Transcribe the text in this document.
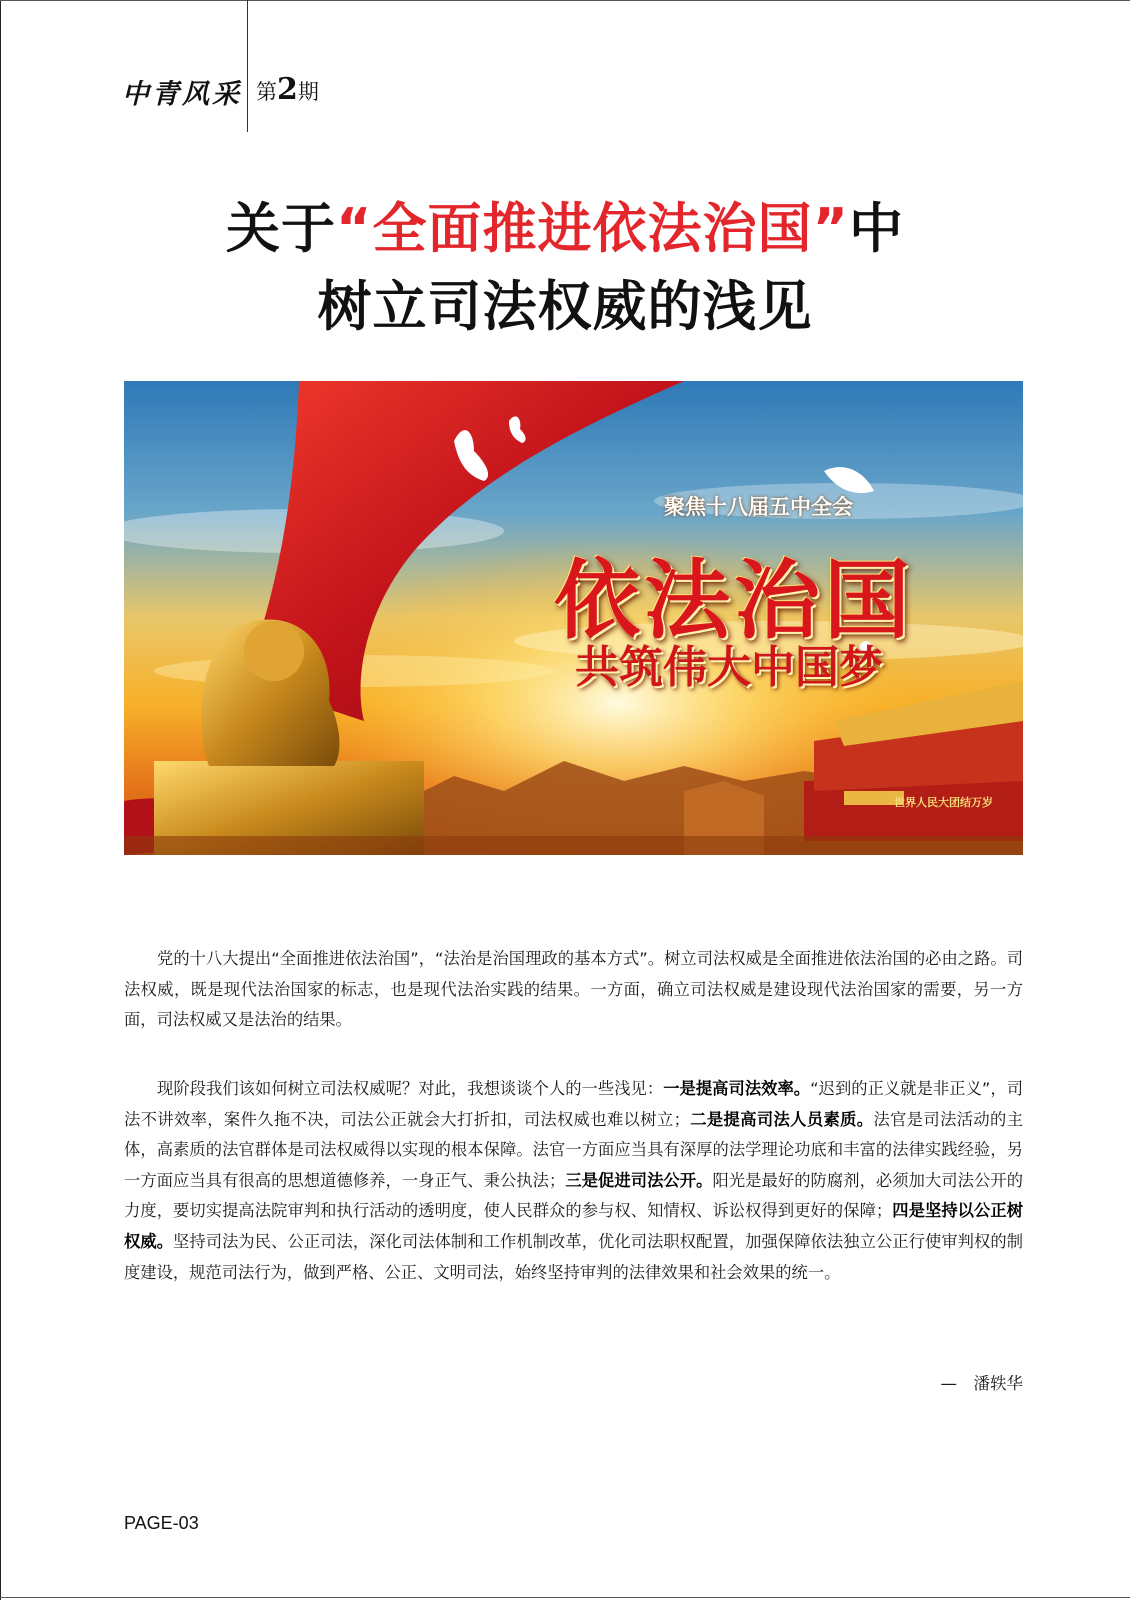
中青风采 第2期
关于“全面推进依法治国”中
树立司法权威的浅见
世界人民大团结万岁
聚焦十八届五中全会
依法治国
共筑伟大中国梦
党的十八大提出“全面推进依法治国”，“法治是治国理政的基本方式”。树立司法权威是全面推进依法治国的必由之路。司法权威，既是现代法治国家的标志，也是现代法治实践的结果。一方面，确立司法权威是建设现代法治国家的需要，另一方面，司法权威又是法治的结果。
现阶段我们该如何树立司法权威呢？对此，我想谈谈个人的一些浅见：一是提高司法效率。“迟到的正义就是非正义”，司法不讲效率，案件久拖不决，司法公正就会大打折扣，司法权威也难以树立；二是提高司法人员素质。法官是司法活动的主体，高素质的法官群体是司法权威得以实现的根本保障。法官一方面应当具有深厚的法学理论功底和丰富的法律实践经验，另一方面应当具有很高的思想道德修养，一身正气、秉公执法；三是促进司法公开。阳光是最好的防腐剂，必须加大司法公开的力度，要切实提高法院审判和执行活动的透明度，使人民群众的参与权、知情权、诉讼权得到更好的保障；四是坚持以公正树权威。坚持司法为民、公正司法，深化司法体制和工作机制改革，优化司法职权配置，加强保障依法独立公正行使审判权的制度建设，规范司法行为，做到严格、公正、文明司法，始终坚持审判的法律效果和社会效果的统一。
—　潘轶华
PAGE-03
